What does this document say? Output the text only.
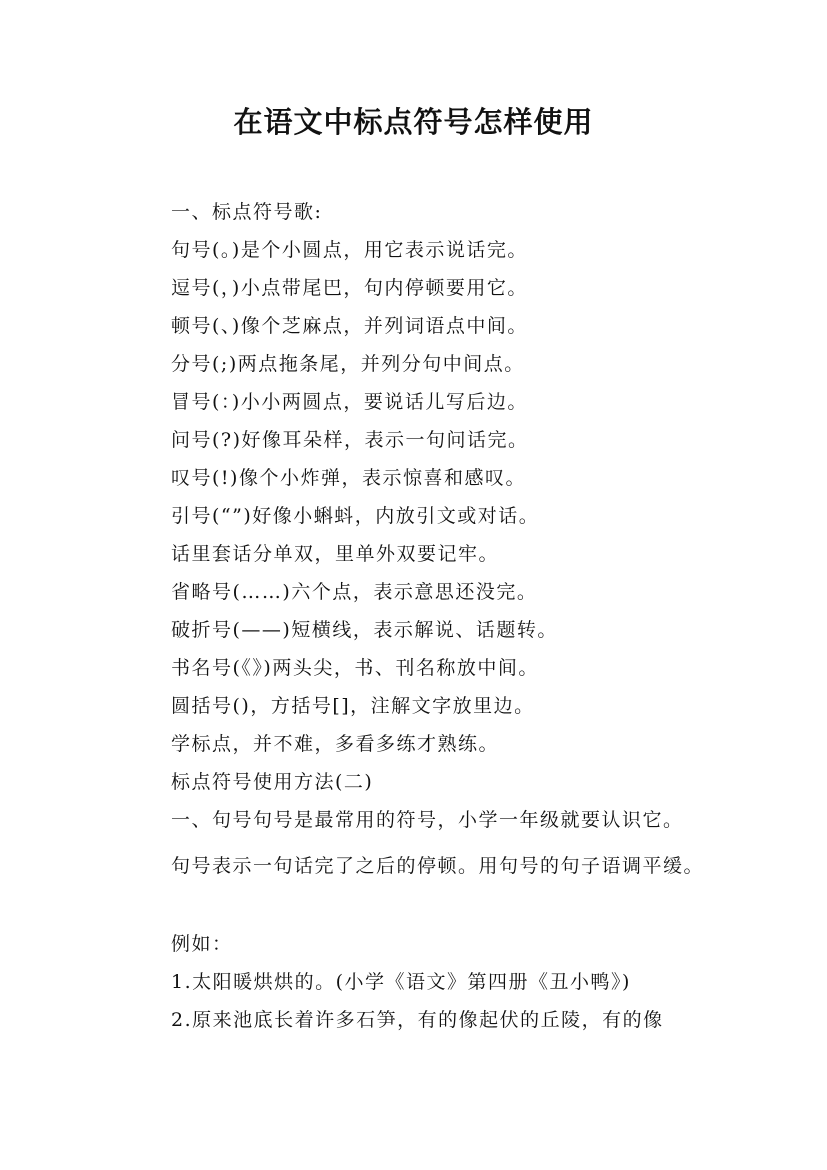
在语文中标点符号怎样使用
一、标点符号歌:
句号(。)是个小圆点，用它表示说话完。
逗号(，)小点带尾巴，句内停顿要用它。
顿号(、)像个芝麻点，并列词语点中间。
分号(;)两点拖条尾，并列分句中间点。
冒号(：)小小两圆点，要说话儿写后边。
问号(?)好像耳朵样，表示一句问话完。
叹号(!)像个小炸弹，表示惊喜和感叹。
引号(“”)好像小蝌蚪，内放引文或对话。
话里套话分单双，里单外双要记牢。
省略号(……)六个点，表示意思还没完。
破折号(——)短横线，表示解说、话题转。
书名号(《》)两头尖，书、刊名称放中间。
圆括号()，方括号[]，注解文字放里边。
学标点，并不难，多看多练才熟练。
标点符号使用方法(二)
一、句号句号是最常用的符号，小学一年级就要认识它。
句号表示一句话完了之后的停顿。用句号的句子语调平缓。
例如：
1.太阳暖烘烘的。(小学《语文》第四册《丑小鸭》)
2.原来池底长着许多石笋，有的像起伏的丘陵，有的像
